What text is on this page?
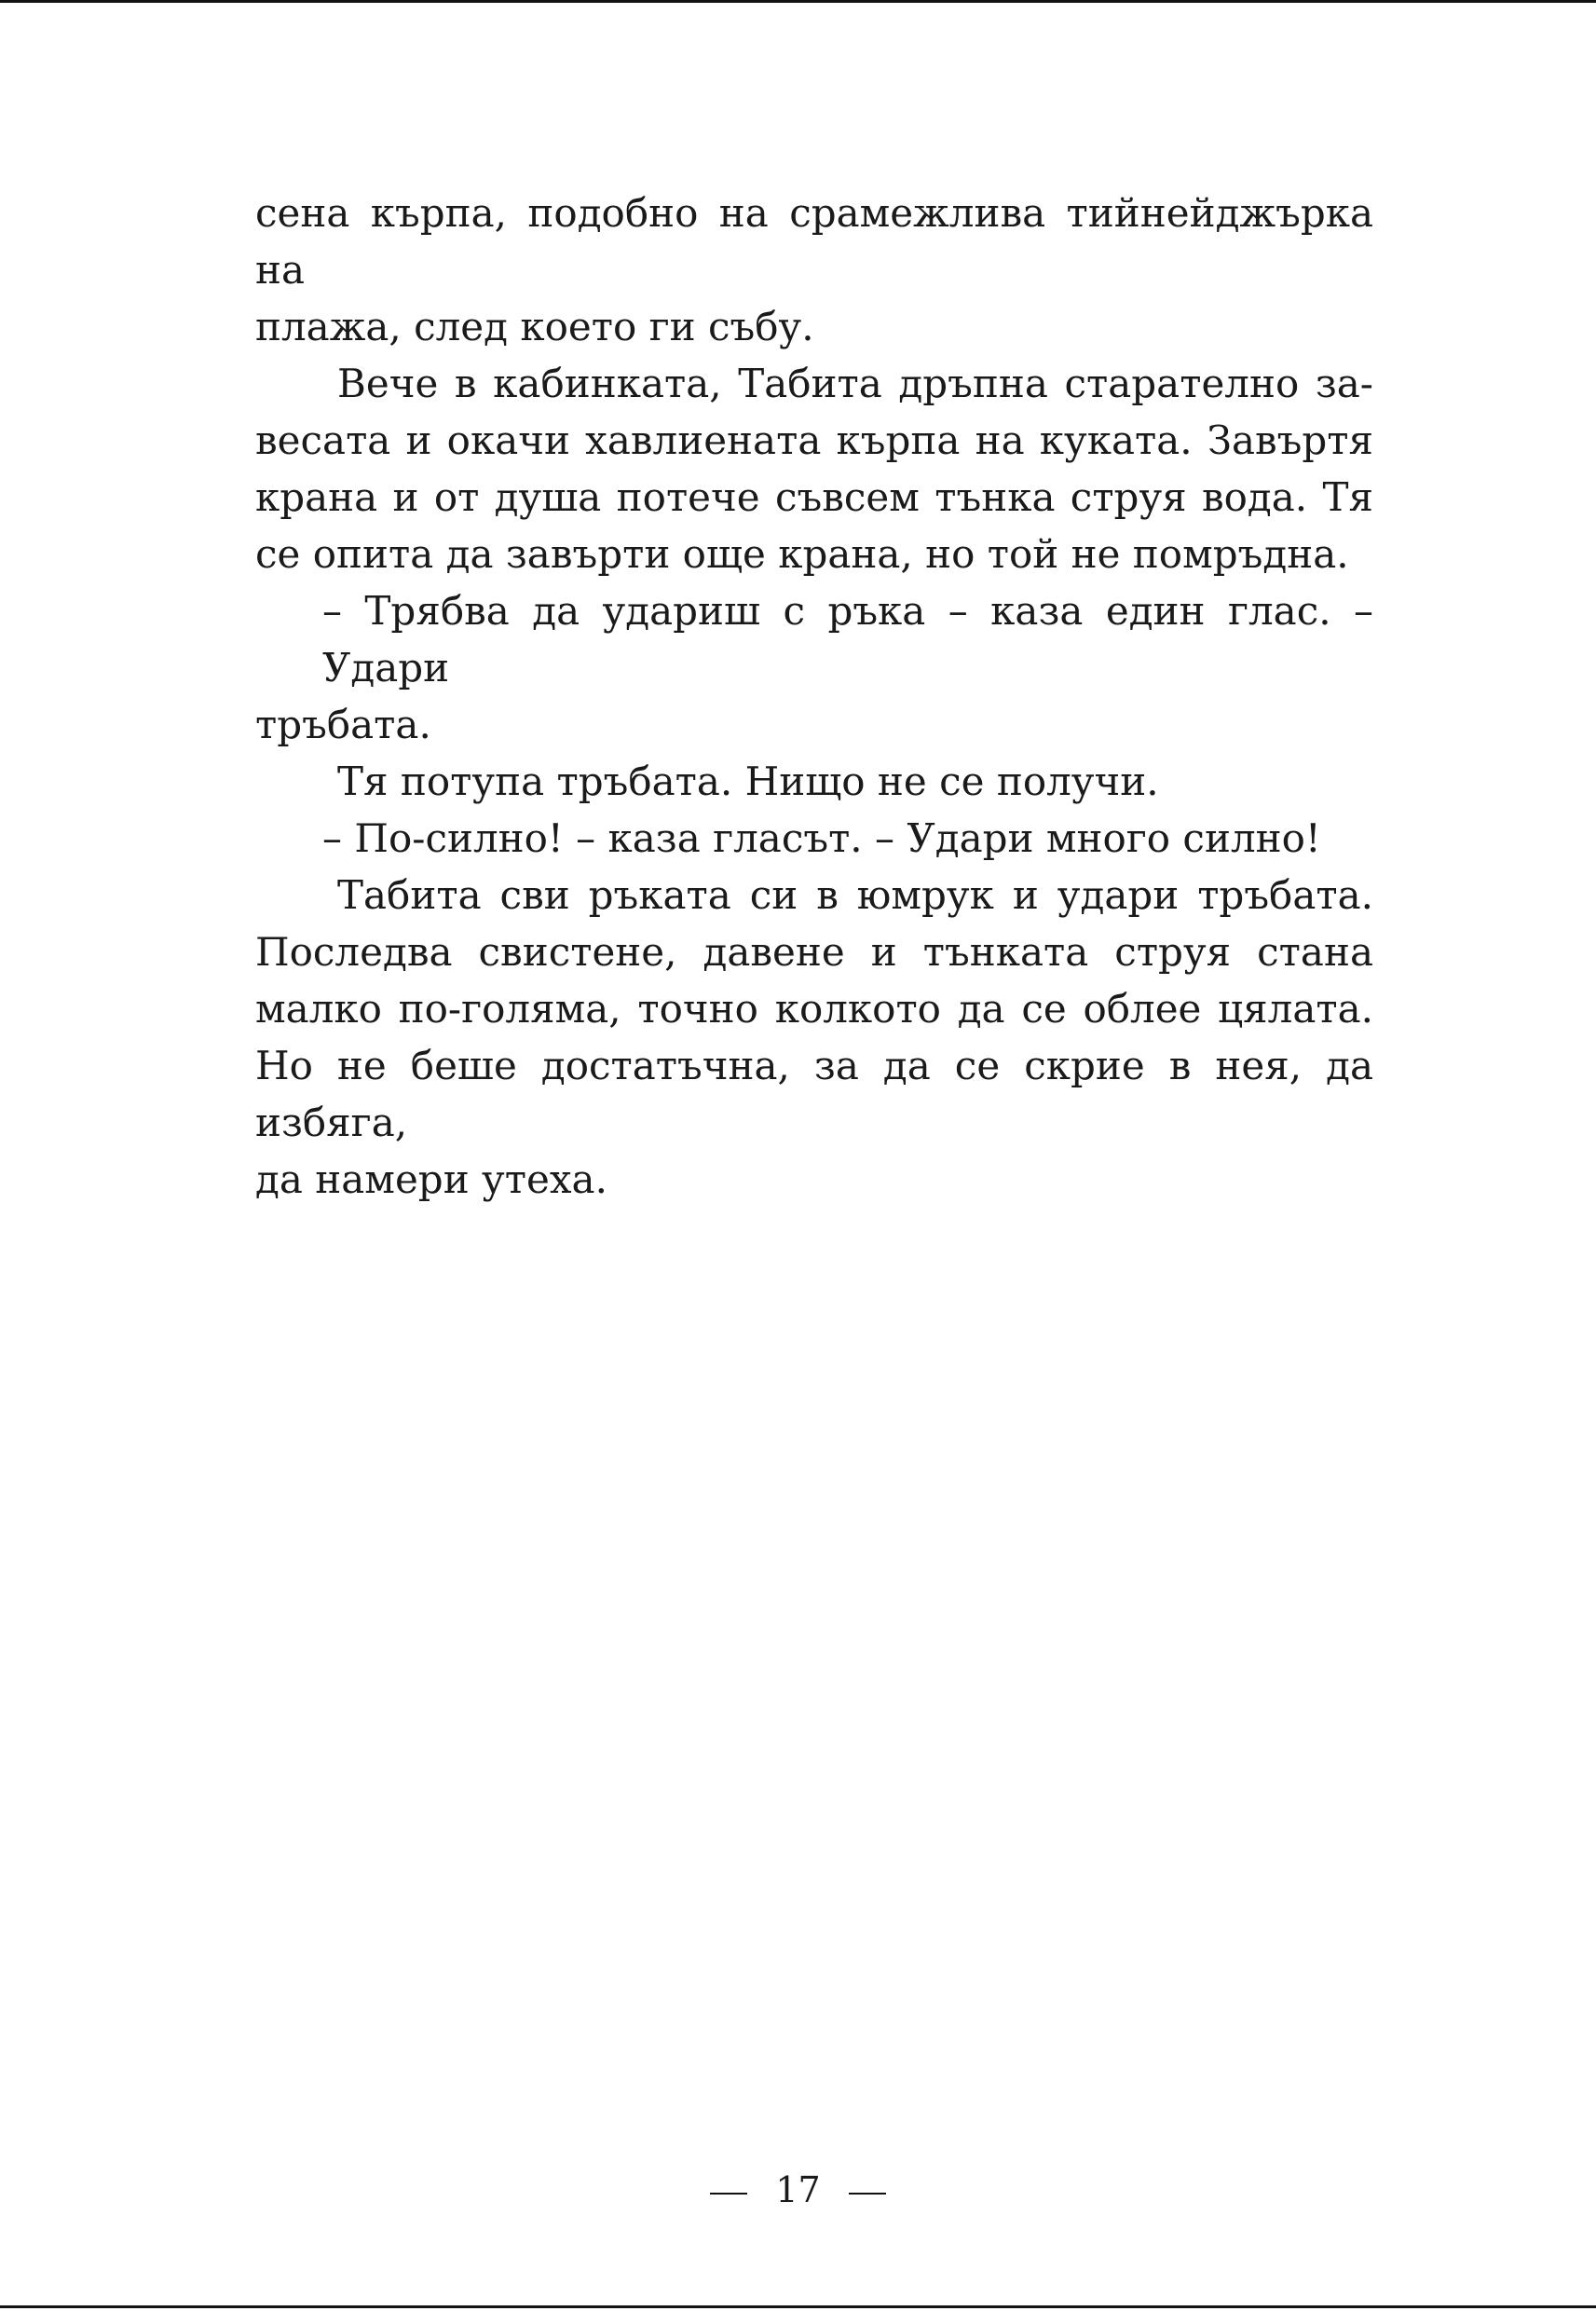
сена кърпа, подобно на срамежлива тийнейджърка на
плажа, след което ги събу.
Вече в кабинката, Табита дръпна старателно за-
весата и окачи хавлиената кърпа на куката. Завъртя
крана и от душа потече съвсем тънка струя вода. Тя
се опита да завърти още крана, но той не помръдна.
– Трябва да удариш с ръка – каза един глас. – Удари
тръбата.
Тя потупа тръбата. Нищо не се получи.
– По-силно! – каза гласът. – Удари много силно!
Табита сви ръката си в юмрук и удари тръбата.
Последва свистене, давене и тънката струя стана
малко по-голяма, точно колкото да се облее цялата.
Но не беше достатъчна, за да се скрие в нея, да избяга,
да намери утеха.
17
